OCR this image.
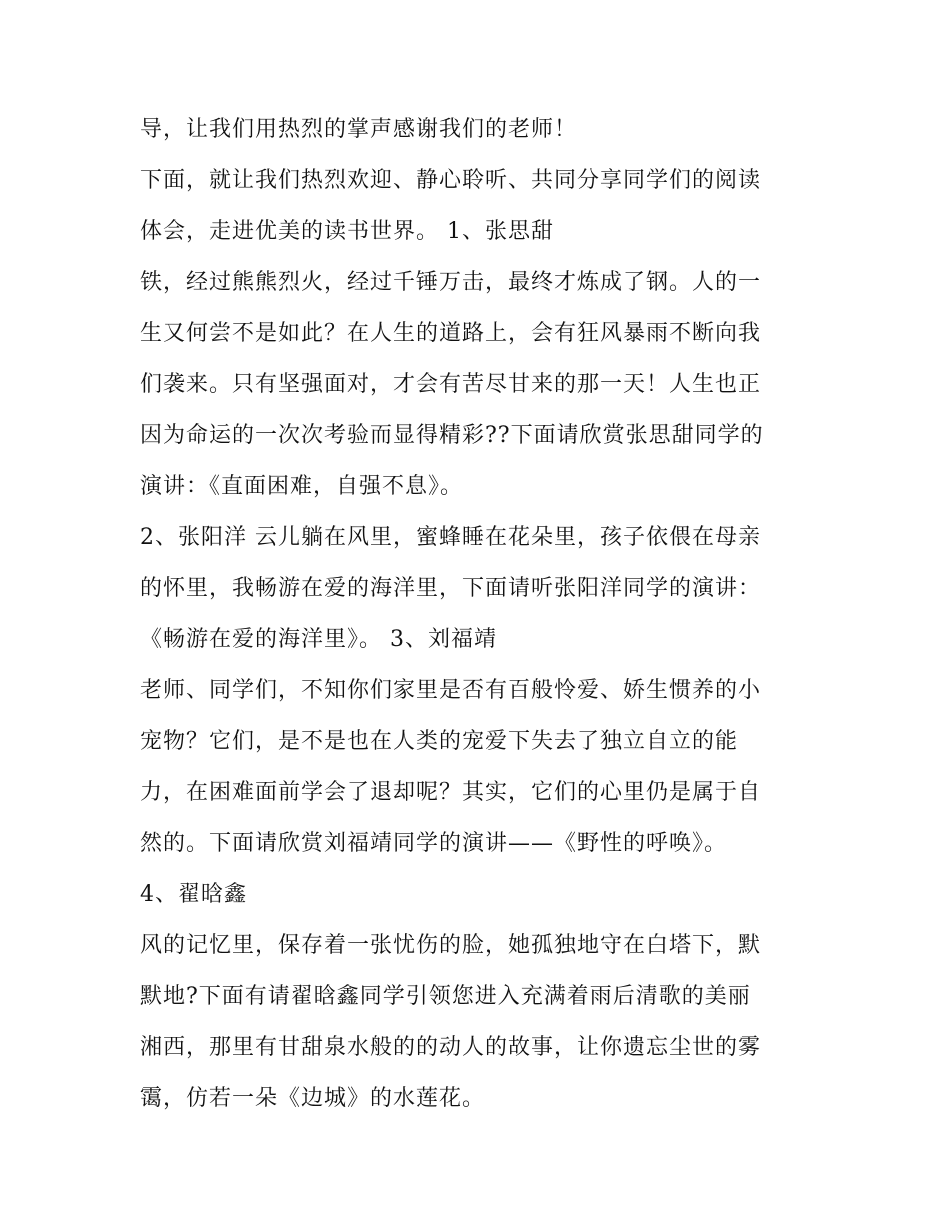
导，让我们用热烈的掌声感谢我们的老师！
下面，就让我们热烈欢迎、静心聆听、共同分享同学们的阅读
体会，走进优美的读书世界。 1、张思甜
铁，经过熊熊烈火，经过千锤万击，最终才炼成了钢。人的一
生又何尝不是如此？在人生的道路上，会有狂风暴雨不断向我
们袭来。只有坚强面对，才会有苦尽甘来的那一天！人生也正
因为命运的一次次考验而显得精彩??下面请欣赏张思甜同学的
演讲：《直面困难，自强不息》。
2、张阳洋 云儿躺在风里，蜜蜂睡在花朵里，孩子依偎在母亲
的怀里，我畅游在爱的海洋里，下面请听张阳洋同学的演讲：
《畅游在爱的海洋里》。 3、刘福靖
老师、同学们，不知你们家里是否有百般怜爱、娇生惯养的小
宠物？它们，是不是也在人类的宠爱下失去了独立自立的能
力，在困难面前学会了退却呢？其实，它们的心里仍是属于自
然的。下面请欣赏刘福靖同学的演讲——《野性的呼唤》。
4、翟晗鑫
风的记忆里，保存着一张忧伤的脸，她孤独地守在白塔下，默
默地?下面有请翟晗鑫同学引领您进入充满着雨后清歌的美丽
湘西，那里有甘甜泉水般的的动人的故事，让你遗忘尘世的雾
霭，仿若一朵《边城》的水莲花。
